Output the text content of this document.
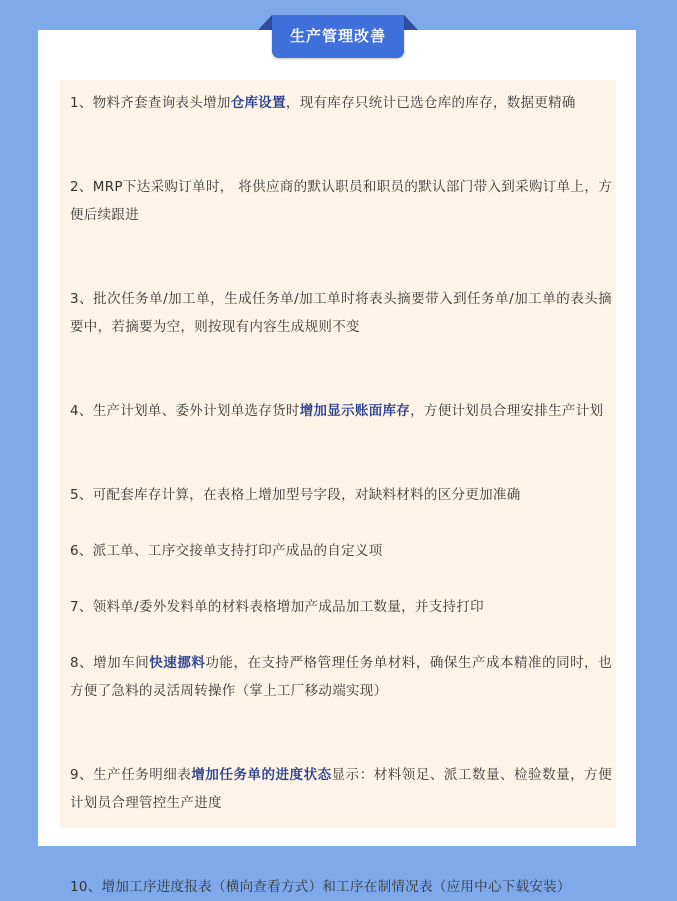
生产管理改善

1、物料齐套查询表头增加仓库设置，现有库存只统计已选仓库的库存，数据更精确

2、MRP下达采购订单时， 将供应商的默认职员和职员的默认部门带入到采购订单上，方便后续跟进

3、批次任务单/加工单，生成任务单/加工单时将表头摘要带入到任务单/加工单的表头摘要中，若摘要为空，则按现有内容生成规则不变

4、生产计划单、委外计划单选存货时增加显示账面库存，方便计划员合理安排生产计划

5、可配套库存计算，在表格上增加型号字段，对缺料材料的区分更加准确

6、派工单、工序交接单支持打印产成品的自定义项

7、领料单/委外发料单的材料表格增加产成品加工数量，并支持打印

8、增加车间快速挪料功能，在支持严格管理任务单材料，确保生产成本精准的同时，也方便了急料的灵活周转操作（掌上工厂移动端实现）

9、生产任务明细表增加任务单的进度状态显示：材料领足、派工数量、检验数量，方便计划员合理管控生产进度

10、增加工序进度报表（横向查看方式）和工序在制情况表（应用中心下载安装）
